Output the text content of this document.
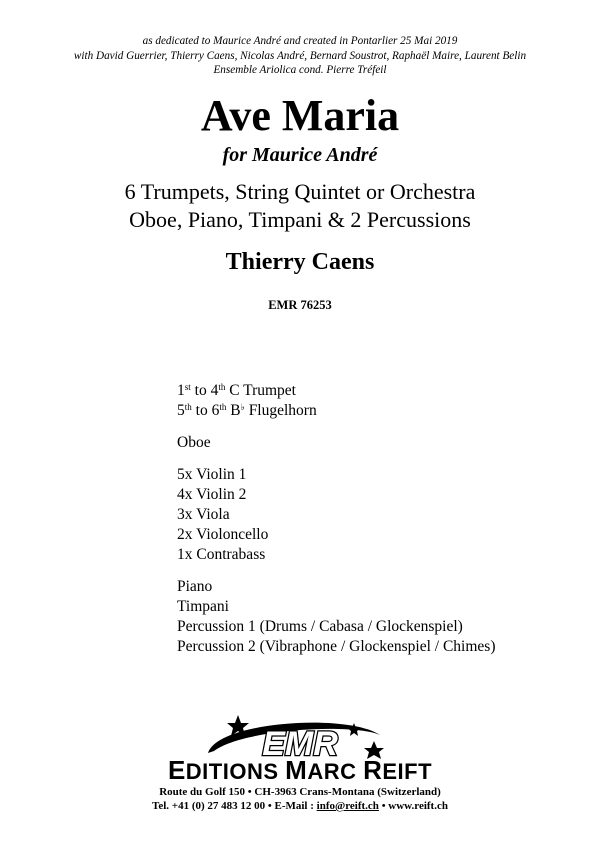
as dedicated to Maurice André and created in Pontarlier 25 Mai 2019
with David Guerrier, Thierry Caens, Nicolas André, Bernard Soustrot, Raphaël Maire, Laurent Belin
Ensemble Ariolica cond. Pierre Tréfeil
Ave Maria
for Maurice André
6 Trumpets, String Quintet or Orchestra
Oboe, Piano, Timpani & 2 Percussions
Thierry Caens
EMR 76253
1st to 4th C Trumpet
5th to 6th B♭ Flugelhorn
Oboe
5x Violin 1
4x Violin 2
3x Viola
2x Violoncello
1x Contrabass
Piano
Timpani
Percussion 1 (Drums / Cabasa / Glockenspiel)
Percussion 2 (Vibraphone / Glockenspiel / Chimes)
EMR
EDITIONS MARC REIFT
Route du Golf 150 • CH-3963 Crans-Montana (Switzerland)
Tel. +41 (0) 27 483 12 00 • E-Mail : info@reift.ch • www.reift.ch
